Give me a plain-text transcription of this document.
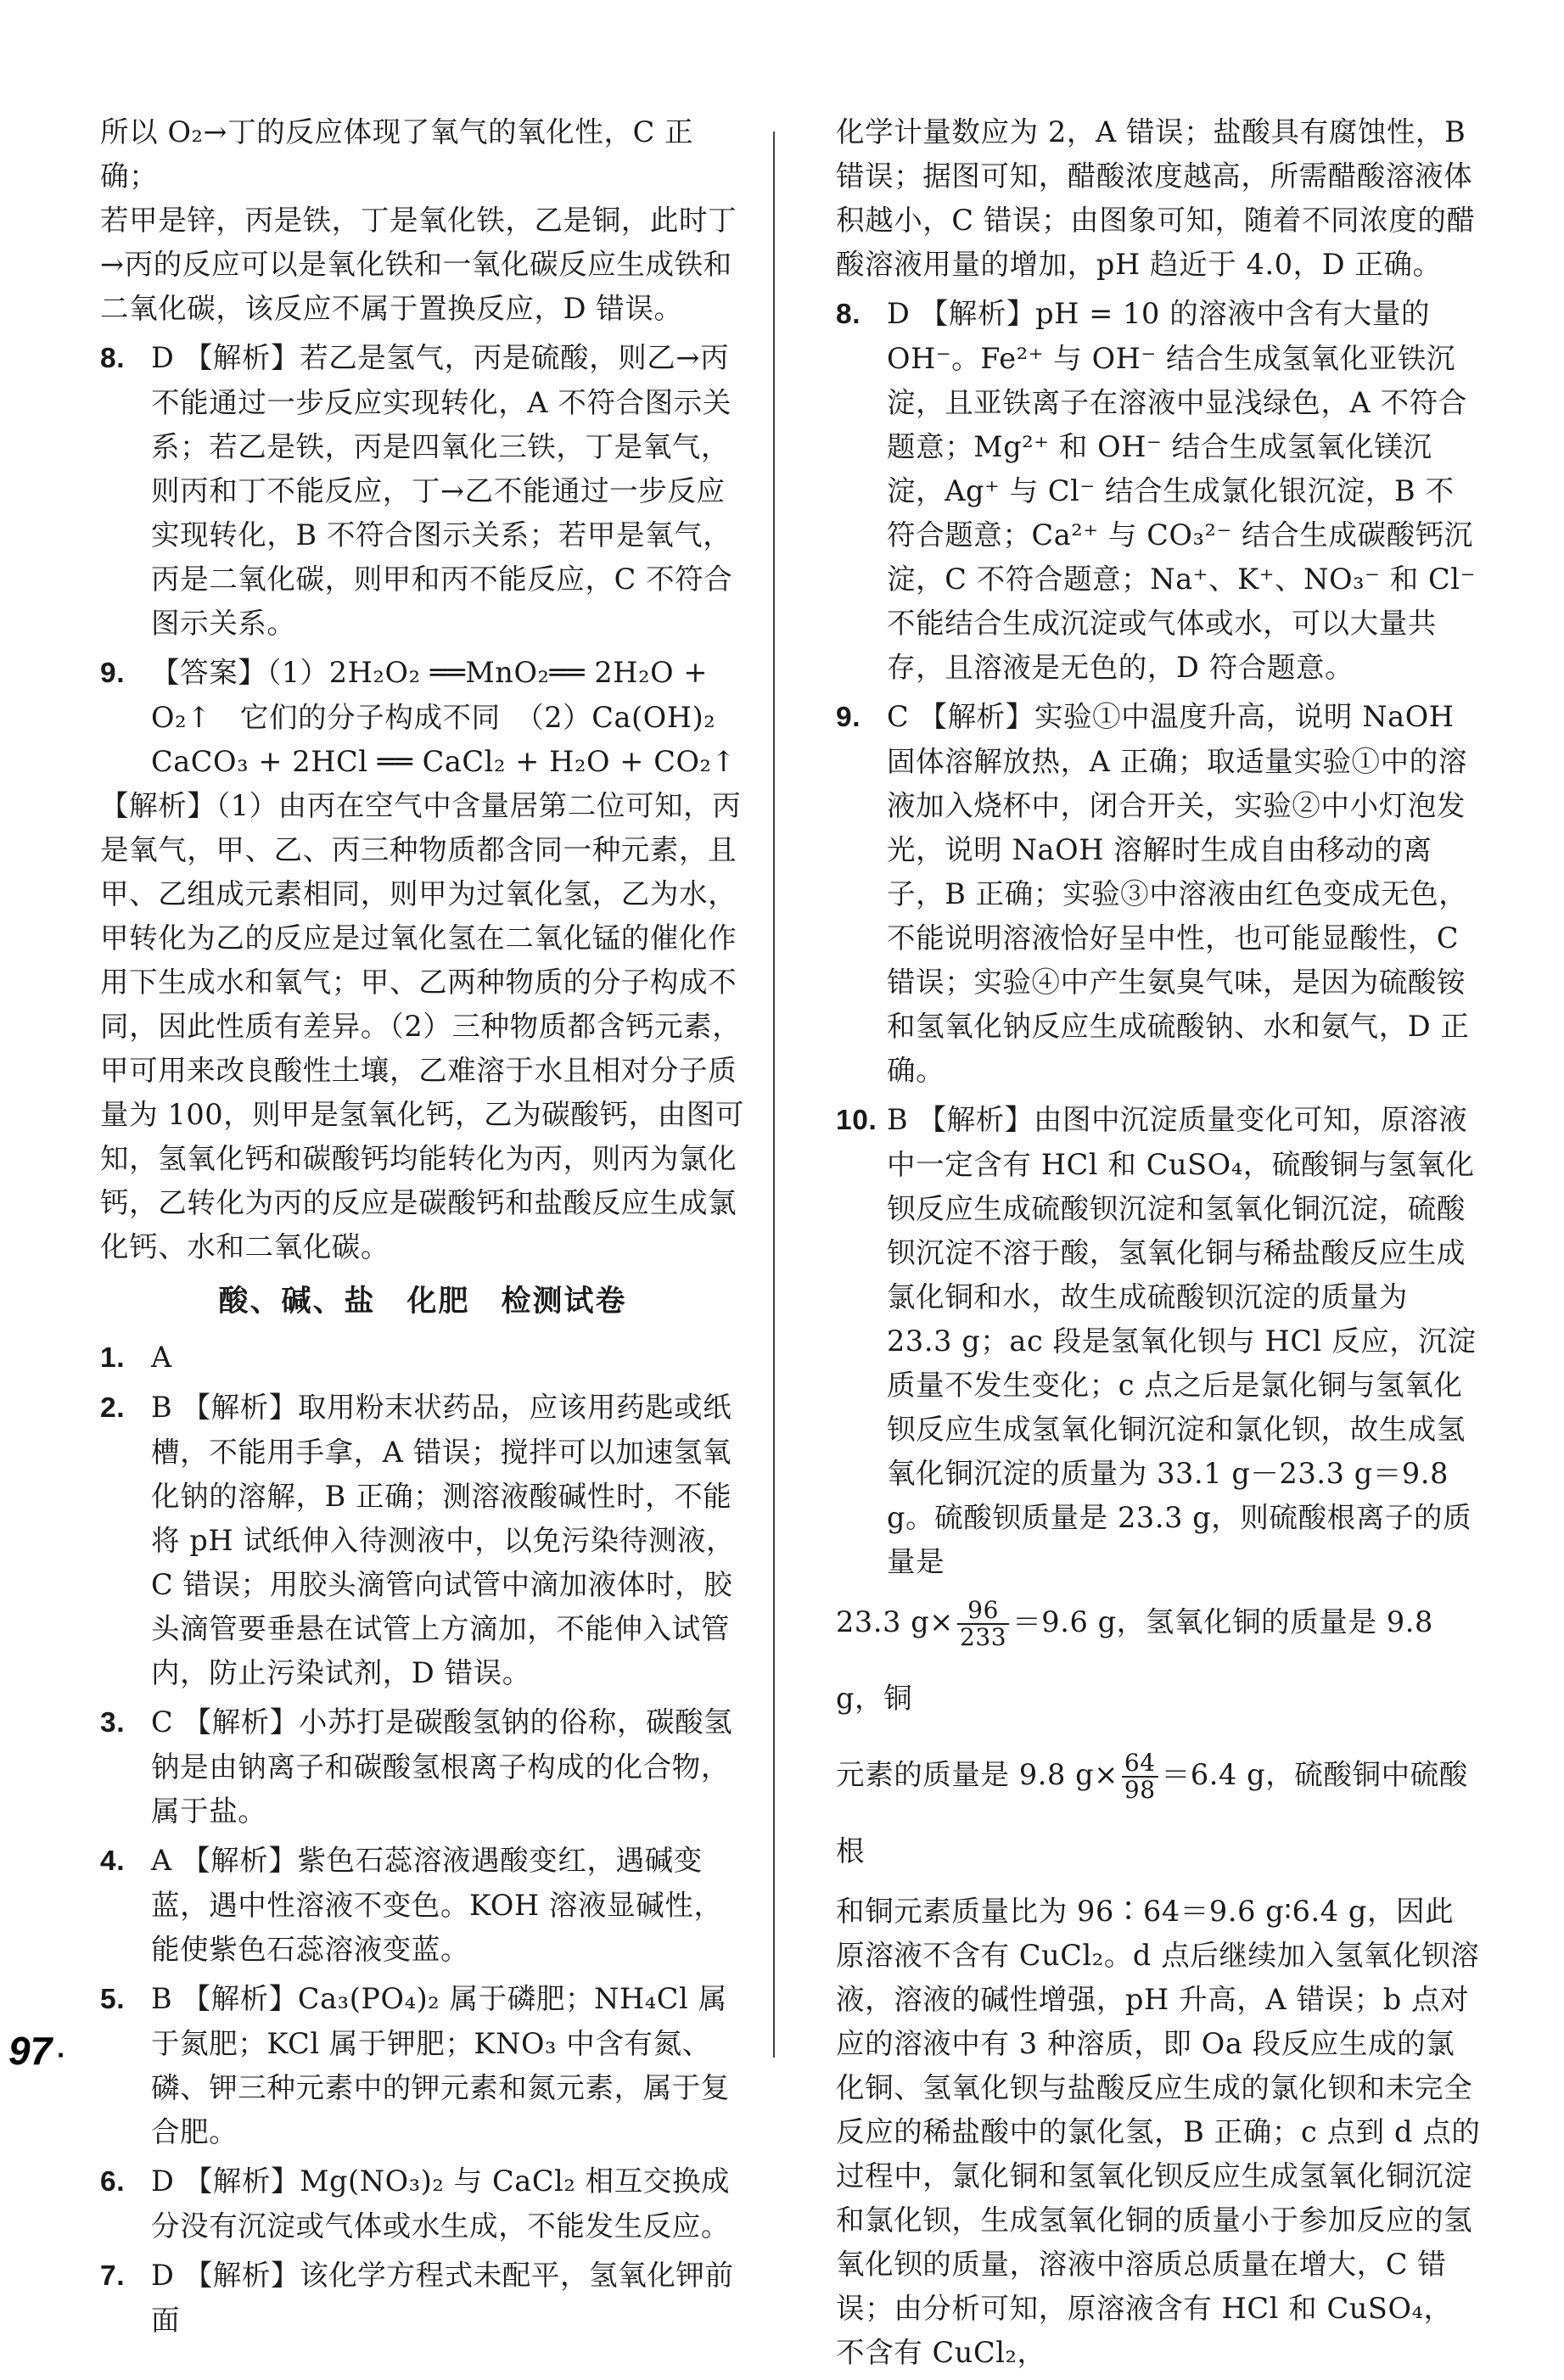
所以 O₂→丁的反应体现了氧气的氧化性，C 正确；

若甲是锌，丙是铁，丁是氧化铁，乙是铜，此时丁

→丙的反应可以是氧化铁和一氧化碳反应生成铁和

二氧化碳，该反应不属于置换反应，D 错误。

8. D 【解析】若乙是氢气，丙是硫酸，则乙→丙不能通过一步反应实现转化，A 不符合图示关系；若乙是铁，丙是四氧化三铁，丁是氧气，则丙和丁不能反应，丁→乙不能通过一步反应实现转化，B 不符合图示关系；若甲是氧气，丙是二氧化碳，则甲和丙不能反应，C 不符合图示关系。
9. 【答案】（1）2H₂O₂ ══MnO₂══ 2H₂O + O₂↑　它们的分子构成不同　（2）Ca(OH)₂　CaCO₃ + 2HCl ══ CaCl₂ + H₂O + CO₂↑

【解析】（1）由丙在空气中含量居第二位可知，丙是氧气，甲、乙、丙三种物质都含同一种元素，且甲、乙组成元素相同，则甲为过氧化氢，乙为水，甲转化为乙的反应是过氧化氢在二氧化锰的催化作用下生成水和氧气；甲、乙两种物质的分子构成不同，因此性质有差异。（2）三种物质都含钙元素，甲可用来改良酸性土壤，乙难溶于水且相对分子质量为 100，则甲是氢氧化钙，乙为碳酸钙，由图可知，氢氧化钙和碳酸钙均能转化为丙，则丙为氯化钙，乙转化为丙的反应是碳酸钙和盐酸反应生成氯化钙、水和二氧化碳。

酸、碱、盐　化肥　检测试卷
1. A
2. B 【解析】取用粉末状药品，应该用药匙或纸槽，不能用手拿，A 错误；搅拌可以加速氢氧化钠的溶解，B 正确；测溶液酸碱性时，不能将 pH 试纸伸入待测液中，以免污染待测液，C 错误；用胶头滴管向试管中滴加液体时，胶头滴管要垂悬在试管上方滴加，不能伸入试管内，防止污染试剂，D 错误。
3. C 【解析】小苏打是碳酸氢钠的俗称，碳酸氢钠是由钠离子和碳酸氢根离子构成的化合物，属于盐。
4. A 【解析】紫色石蕊溶液遇酸变红，遇碱变蓝，遇中性溶液不变色。KOH 溶液显碱性，能使紫色石蕊溶液变蓝。
5. B 【解析】Ca₃(PO₄)₂ 属于磷肥；NH₄Cl 属于氮肥；KCl 属于钾肥；KNO₃ 中含有氮、磷、钾三种元素中的钾元素和氮元素，属于复合肥。
6. D 【解析】Mg(NO₃)₂ 与 CaCl₂ 相互交换成分没有沉淀或气体或水生成，不能发生反应。
7. D 【解析】该化学方程式未配平，氢氧化钾前面

化学计量数应为 2，A 错误；盐酸具有腐蚀性，B 错误；据图可知，醋酸浓度越高，所需醋酸溶液体积越小，C 错误；由图象可知，随着不同浓度的醋酸溶液用量的增加，pH 趋近于 4.0，D 正确。

8. D 【解析】pH = 10 的溶液中含有大量的 OH⁻。Fe²⁺ 与 OH⁻ 结合生成氢氧化亚铁沉淀，且亚铁离子在溶液中显浅绿色，A 不符合题意；Mg²⁺ 和 OH⁻ 结合生成氢氧化镁沉淀，Ag⁺ 与 Cl⁻ 结合生成氯化银沉淀，B 不符合题意；Ca²⁺ 与 CO₃²⁻ 结合生成碳酸钙沉淀，C 不符合题意；Na⁺、K⁺、NO₃⁻ 和 Cl⁻ 不能结合生成沉淀或气体或水，可以大量共存，且溶液是无色的，D 符合题意。
9. C 【解析】实验①中温度升高，说明 NaOH 固体溶解放热，A 正确；取适量实验①中的溶液加入烧杯中，闭合开关，实验②中小灯泡发光，说明 NaOH 溶解时生成自由移动的离子，B 正确；实验③中溶液由红色变成无色，不能说明溶液恰好呈中性，也可能显酸性，C 错误；实验④中产生氨臭气味，是因为硫酸铵和氢氧化钠反应生成硫酸钠、水和氨气，D 正确。
10. B 【解析】由图中沉淀质量变化可知，原溶液中一定含有 HCl 和 CuSO₄，硫酸铜与氢氧化钡反应生成硫酸钡沉淀和氢氧化铜沉淀，硫酸钡沉淀不溶于酸，氢氧化铜与稀盐酸反应生成氯化铜和水，故生成硫酸钡沉淀的质量为 23.3 g；ac 段是氢氧化钡与 HCl 反应，沉淀质量不发生变化；c 点之后是氯化铜与氢氧化钡反应生成氢氧化铜沉淀和氯化钡，故生成氢氧化铜沉淀的质量为 33.1 g－23.3 g＝9.8 g。硫酸钡质量是 23.3 g，则硫酸根离子的质量是

23.3 $g\times \frac{96}{233} =9.6$ g，氢氧化铜的质量是 9.8 g，铜

元素的质量是 9.8 $g\times \frac{64}{98} =6.4$ g，硫酸铜中硫酸根

和铜元素质量比为 96∶64＝9.6 g∶6.4 g，因此原溶液不含有 CuCl₂。d 点后继续加入氢氧化钡溶液，溶液的碱性增强，pH 升高，A 错误；b 点对应的溶液中有 3 种溶质，即 Oa 段反应生成的氯化铜、氢氧化钡与盐酸反应生成的氯化钡和未完全反应的稀盐酸中的氯化氢，B 正确；c 点到 d 点的过程中，氯化铜和氢氧化钡反应生成氢氧化铜沉淀和氯化钡，生成氢氧化铜的质量小于参加反应的氢氧化钡的质量，溶液中溶质总质量在增大，C 错误；由分析可知，原溶液含有 HCl 和 CuSO₄，不含有 CuCl₂，

97 ·
